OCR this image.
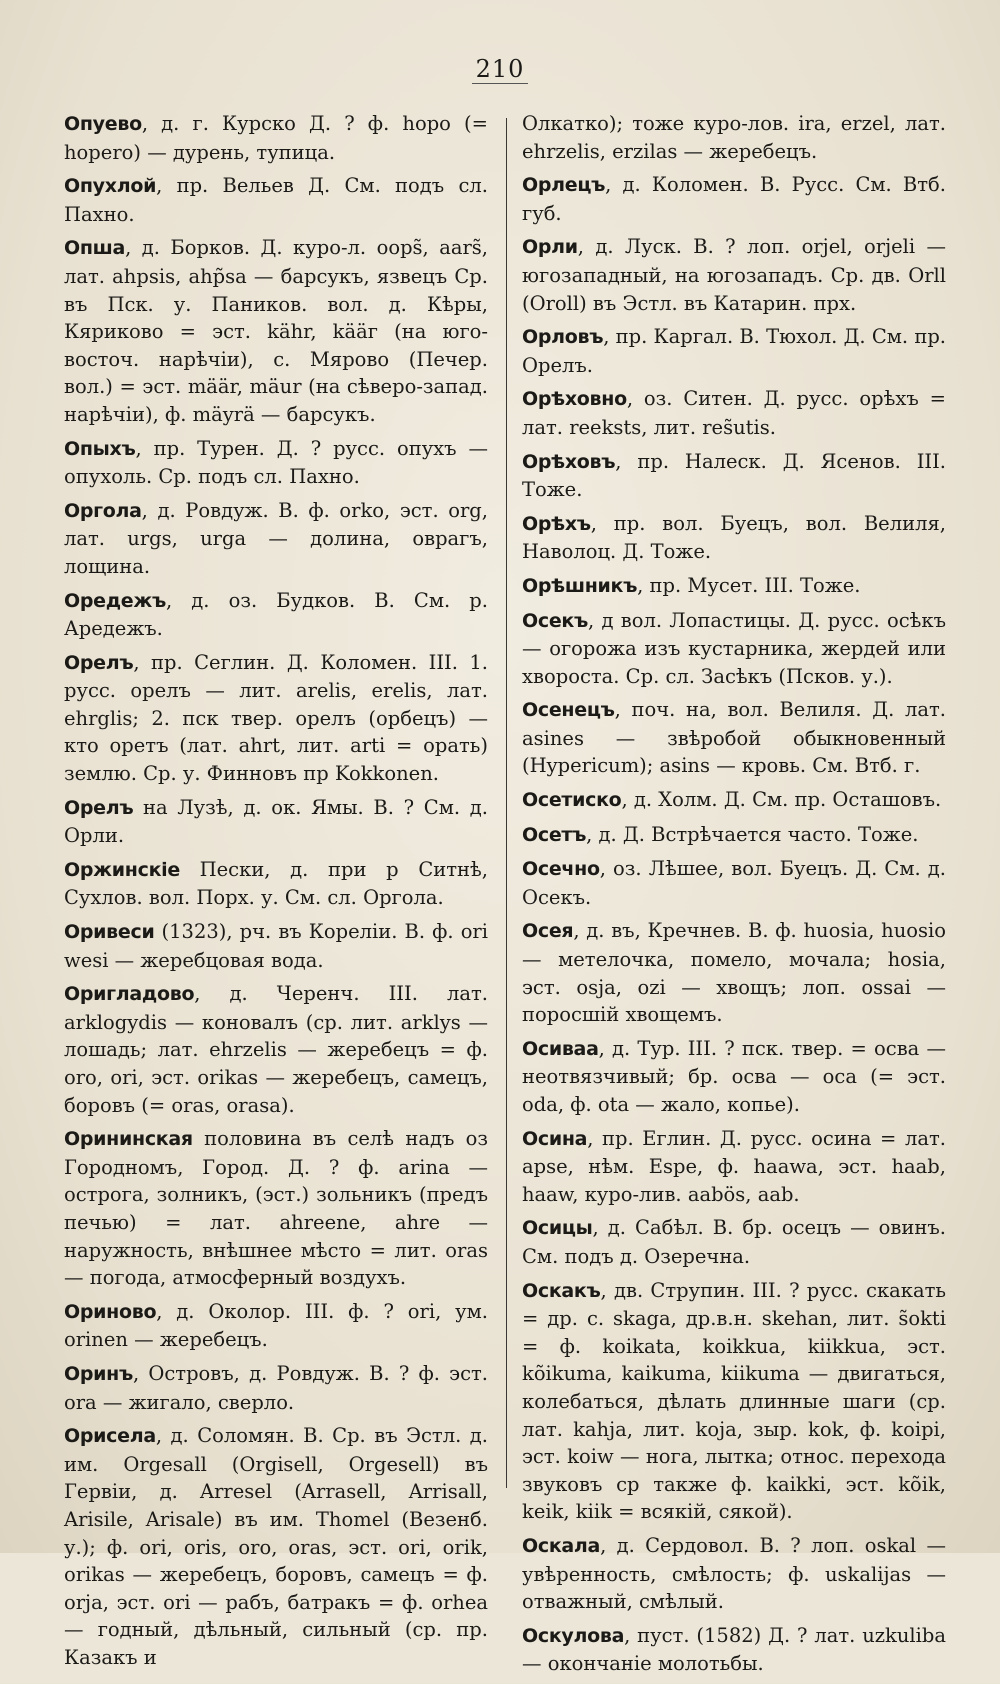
210

Опуево, д. г. Курско Д. ? ф. hopo (= hopero) — дурень, тупица.

Опухлой, пр. Вельев Д. См. подъ сл. Пахно.

Опша, д. Борков. Д. куро-л. oops̃, aars̃, лат. ahpsis, ahp̃sa — барсукъ, язвецъ Ср. въ Пск. у. Паников. вол. д. Кѣры, Кяриково = эст. kähr, kääг (на юго-восточ. нарѣчіи), с. Мярово (Печер. вол.) = эст. määr, mäur (на сѣверо-запад. нарѣчіи), ф. mäyrä — барсукъ.

Опыхъ, пр. Турен. Д. ? русс. опухъ — опухоль. Ср. подъ сл. Пахно.

Оргола, д. Ровдуж. В. ф. orko, эст. org, лат. urgs, urga — долина, оврагъ, лощина.

Оредежъ, д. оз. Будков. В. См. р. Аредежъ.

Орелъ, пр. Сеглин. Д. Коломен. III. 1. русс. орелъ — лит. arelis, erelis, лат. ehrglis; 2. пск твер. орелъ (орбецъ) — кто оретъ (лат. ahrt, лит. arti = орать) землю. Ср. у. Финновъ пр Kokkonen.

Орелъ на Лузѣ, д. ок. Ямы. В. ? См. д. Орли.

Оржинскіе Пески, д. при р Ситнѣ, Сухлов. вол. Порх. у. См. сл. Оргола.

Оривеси (1323), рч. въ Кореліи. В. ф. ori wesi — жеребцовая вода.

Оригладово, д. Черенч. III. лат. arklogydis — коновалъ (ср. лит. arklys — лошадь; лат. ehrzelis — жеребецъ = ф. oro, ori, эст. orikas — жеребецъ, самецъ, боровъ (= oras, orasa).

Орининская половина въ селѣ надъ оз Городномъ, Город. Д. ? ф. arina — острога, золникъ, (эст.) зольникъ (предъ печью) = лат. ahreene, ahre — наружность, внѣшнее мѣсто = лит. oras — погода, атмосферный воздухъ.

Ориново, д. Околор. III. ф. ? ori, ум. orinen — жеребецъ.

Оринъ, Островъ, д. Ровдуж. В. ? ф. эст. ora — жигало, сверло.

Орисела, д. Соломян. В. Ср. въ Эстл. д. им. Orgesall (Orgisell, Orgesell) въ Гервіи, д. Arresel (Arrasell, Arrisall, Arisile, Arisale) въ им. Thomel (Везенб. у.); ф. ori, oris, oro, oras, эст. ori, orik, orikas — жеребецъ, боровъ, самецъ = ф. orja, эст. ori — рабъ, батракъ = ф. orhea — годный, дѣльный, сильный (ср. пр. Казакъ и

Олкатко); тоже куро-лов. ira, erzel, лат. ehrzelis, erzilas — жеребецъ.

Орлецъ, д. Коломен. В. Русс. См. Втб. губ.

Орли, д. Луск. В. ? лоп. orjel, orjeli — югозападный, на югозападъ. Ср. дв. Orll (Oroll) въ Эстл. въ Катарин. прх.

Орловъ, пр. Каргал. В. Тюхол. Д. См. пр. Орелъ.

Орѣховно, оз. Ситен. Д. русс. орѣхъ = лат. reeksts, лит. res̃utis.

Орѣховъ, пр. Налеск. Д. Ясенов. III. Тоже.

Орѣхъ, пр. вол. Буецъ, вол. Велиля, Наволоц. Д. Тоже.

Орѣшникъ, пр. Мусет. III. Тоже.

Осекъ, д вол. Лопастицы. Д. русс. осѣкъ — огорожа изъ кустарника, жердей или хвороста. Ср. сл. Засѣкъ (Псков. у.).

Осенецъ, поч. на, вол. Велиля. Д. лат. asines — звѣробой обыкновенный (Hypericum); asins — кровь. См. Втб. г.

Осетиско, д. Холм. Д. См. пр. Осташовъ.

Осетъ, д. Д. Встрѣчается часто. Тоже.

Осечно, оз. Лѣшее, вол. Буецъ. Д. См. д. Осекъ.

Осея, д. въ, Кречнев. В. ф. huosia, huosio — метелочка, помело, мочала; hosia, эст. osja, ozi — хвощъ; лоп. ossai — поросшій хвощемъ.

Осиваа, д. Тур. III. ? пск. твер. = осва — неотвязчивый; бр. осва — оса (= эст. oda, ф. ota — жало, копье).

Осина, пр. Еглин. Д. русс. осина = лат. apse, нѣм. Espe, ф. haawa, эст. haab, haaw, куро-лив. aabös, aab.

Осицы, д. Сабѣл. В. бр. осецъ — овинъ. См. подъ д. Озеречна.

Оскакъ, дв. Струпин. III. ? русс. скакать = др. с. skaga, др.в.н. skehan, лит. s̃okti = ф. koikata, koikkua, kiikkua, эст. kõikuma, kaikuma, kiikuma — двигаться, колебаться, дѣлать длинные шаги (ср. лат. kahja, лит. koja, зыр. kok, ф. koipi, эст. koiw — нога, лытка; относ. перехода звуковъ ср также ф. kaikki, эст. kõik, keik, kiik = всякій, сякой).

Оскала, д. Сердовол. В. ? лоп. oskal — увѣренность, смѣлость; ф. uskalijas — отважный, смѣлый.

Оскулова, пуст. (1582) Д. ? лат. uzkuliba — окончаніе молотьбы.
